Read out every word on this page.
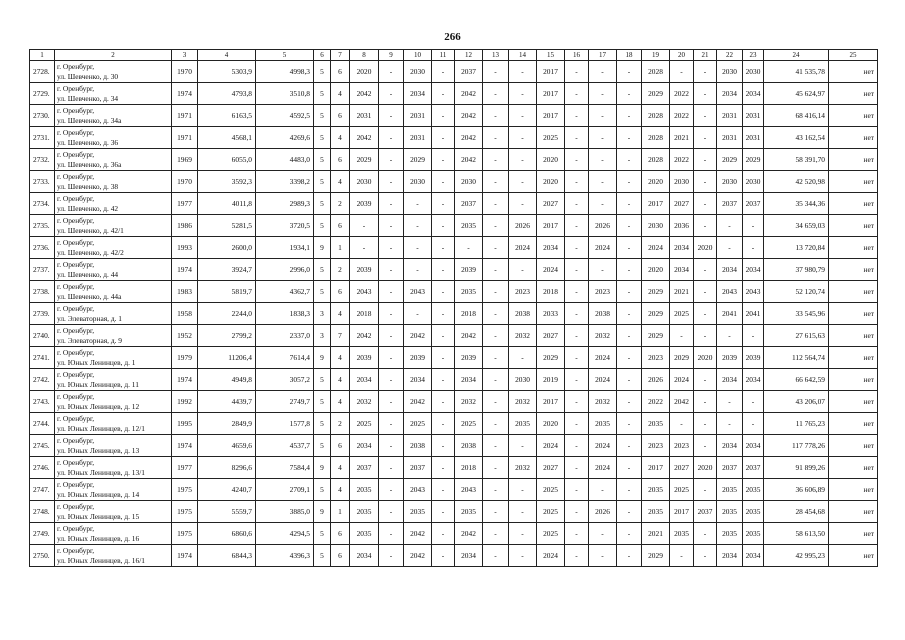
266
1	2	3	4	5	6	7	8	9	10	11	12	13	14	15	16	17	18	19	20	21	22	23	24	25
2728.	г. Оренбург,
ул. Шевченко, д. 30	1970	5303,9	4998,3	5	6	2020	-	2030	-	2037	-	-	2017	-	-	-	2028	-	-	2030	2030	41 535,78	нет
2729.	г. Оренбург,
ул. Шевченко, д. 34	1974	4793,8	3510,8	5	4	2042	-	2034	-	2042	-	-	2017	-	-	-	2029	2022	-	2034	2034	45 624,97	нет
2730.	г. Оренбург,
ул. Шевченко, д. 34а	1971	6163,5	4592,5	5	6	2031	-	2031	-	2042	-	-	2017	-	-	-	2028	2022	-	2031	2031	68 416,14	нет
2731.	г. Оренбург,
ул. Шевченко, д. 36	1971	4568,1	4269,6	5	4	2042	-	2031	-	2042	-	-	2025	-	-	-	2028	2021	-	2031	2031	43 162,54	нет
2732.	г. Оренбург,
ул. Шевченко, д. 36а	1969	6055,0	4483,0	5	6	2029	-	2029	-	2042	-	-	2020	-	-	-	2028	2022	-	2029	2029	58 391,70	нет
2733.	г. Оренбург,
ул. Шевченко, д. 38	1970	3592,3	3398,2	5	4	2030	-	2030	-	2030	-	-	2020	-	-	-	2020	2030	-	2030	2030	42 520,98	нет
2734.	г. Оренбург,
ул. Шевченко, д. 42	1977	4011,8	2989,3	5	2	2039	-	-	-	2037	-	-	2027	-	-	-	2017	2027	-	2037	2037	35 344,36	нет
2735.	г. Оренбург,
ул. Шевченко, д. 42/1	1986	5281,5	3720,5	5	6	-	-	-	-	2035	-	2026	2017	-	2026	-	2030	2036	-	-	-	34 659,03	нет
2736.	г. Оренбург,
ул. Шевченко, д. 42/2	1993	2600,0	1934,1	9	1	-	-	-	-	-	-	2024	2034	-	2024	-	2024	2034	2020	-	-	13 720,84	нет
2737.	г. Оренбург,
ул. Шевченко, д. 44	1974	3924,7	2996,0	5	2	2039	-	-	-	2039	-	-	2024	-	-	-	2020	2034	-	2034	2034	37 980,79	нет
2738.	г. Оренбург,
ул. Шевченко, д. 44а	1983	5819,7	4362,7	5	6	2043	-	2043	-	2035	-	2023	2018	-	2023	-	2029	2021	-	2043	2043	52 120,74	нет
2739.	г. Оренбург,
ул. Элеваторная, д. 1	1958	2244,0	1838,3	3	4	2018	-	-	-	2018	-	2038	2033	-	2038	-	2029	2025	-	2041	2041	33 545,96	нет
2740.	г. Оренбург,
ул. Элеваторная, д. 9	1952	2799,2	2337,0	3	7	2042	-	2042	-	2042	-	2032	2027	-	2032	-	2029	-	-	-	-	27 615,63	нет
2741.	г. Оренбург,
ул. Юных Ленинцев, д. 1	1979	11206,4	7614,4	9	4	2039	-	2039	-	2039	-	-	2029	-	2024	-	2023	2029	2020	2039	2039	112 564,74	нет
2742.	г. Оренбург,
ул. Юных Ленинцев, д. 11	1974	4949,8	3057,2	5	4	2034	-	2034	-	2034	-	2030	2019	-	2024	-	2026	2024	-	2034	2034	66 642,59	нет
2743.	г. Оренбург,
ул. Юных Ленинцев, д. 12	1992	4439,7	2749,7	5	4	2032	-	2042	-	2032	-	2032	2017	-	2032	-	2022	2042	-	-	-	43 206,07	нет
2744.	г. Оренбург,
ул. Юных Ленинцев, д. 12/1	1995	2849,9	1577,8	5	2	2025	-	2025	-	2025	-	2035	2020	-	2035	-	2035	-	-	-	-	11 765,23	нет
2745.	г. Оренбург,
ул. Юных Ленинцев, д. 13	1974	4659,6	4537,7	5	6	2034	-	2038	-	2038	-	-	2024	-	2024	-	2023	2023	-	2034	2034	117 778,26	нет
2746.	г. Оренбург,
ул. Юных Ленинцев, д. 13/1	1977	8296,6	7584,4	9	4	2037	-	2037	-	2018	-	2032	2027	-	2024	-	2017	2027	2020	2037	2037	91 899,26	нет
2747.	г. Оренбург,
ул. Юных Ленинцев, д. 14	1975	4240,7	2709,1	5	4	2035	-	2043	-	2043	-	-	2025	-	-	-	2035	2025	-	2035	2035	36 606,89	нет
2748.	г. Оренбург,
ул. Юных Ленинцев, д. 15	1975	5559,7	3885,0	9	1	2035	-	2035	-	2035	-	-	2025	-	2026	-	2035	2017	2037	2035	2035	28 454,68	нет
2749.	г. Оренбург,
ул. Юных Ленинцев, д. 16	1975	6860,6	4294,5	5	6	2035	-	2042	-	2042	-	-	2025	-	-	-	2021	2035	-	2035	2035	58 613,50	нет
2750.	г. Оренбург,
ул. Юных Ленинцев, д. 16/1	1974	6844,3	4396,3	5	6	2034	-	2042	-	2034	-	-	2024	-	-	-	2029	-	-	2034	2034	42 995,23	нет
